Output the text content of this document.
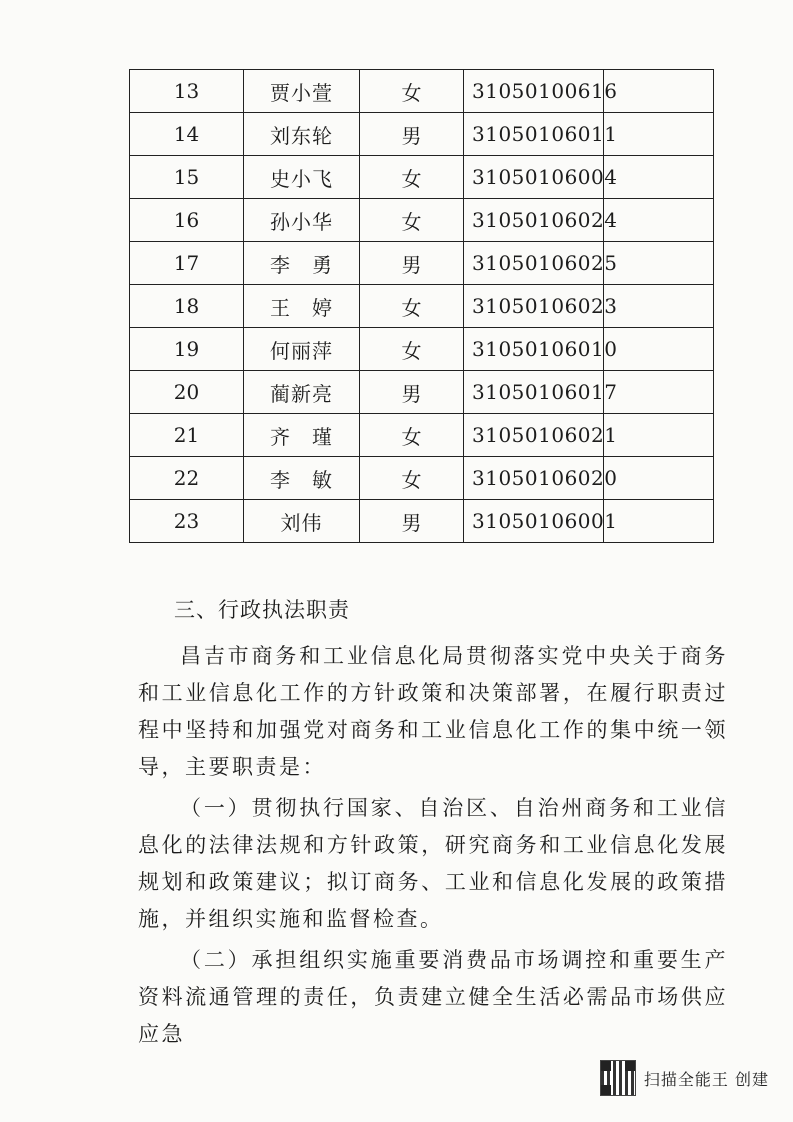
13	贾小萱	女	31050100616	
14	刘东轮	男	31050106011	
15	史小飞	女	31050106004	
16	孙小华	女	31050106024	
17	李　勇	男	31050106025	
18	王　婷	女	31050106023	
19	何丽萍	女	31050106010	
20	蔺新亮	男	31050106017	
21	齐　瑾	女	31050106021	
22	李　敏	女	31050106020	
23	刘伟	男	31050106001	
三、行政执法职责

昌吉市商务和工业信息化局贯彻落实党中央关于商务和工业信息化工作的方针政策和决策部署，在履行职责过程中坚持和加强党对商务和工业信息化工作的集中统一领导，主要职责是：

（一）贯彻执行国家、自治区、自治州商务和工业信息化的法律法规和方针政策，研究商务和工业信息化发展规划和政策建议；拟订商务、工业和信息化发展的政策措施，并组织实施和监督检查。

（二）承担组织实施重要消费品市场调控和重要生产资料流通管理的责任，负责建立健全生活必需品市场供应应急

扫描全能王 创建
